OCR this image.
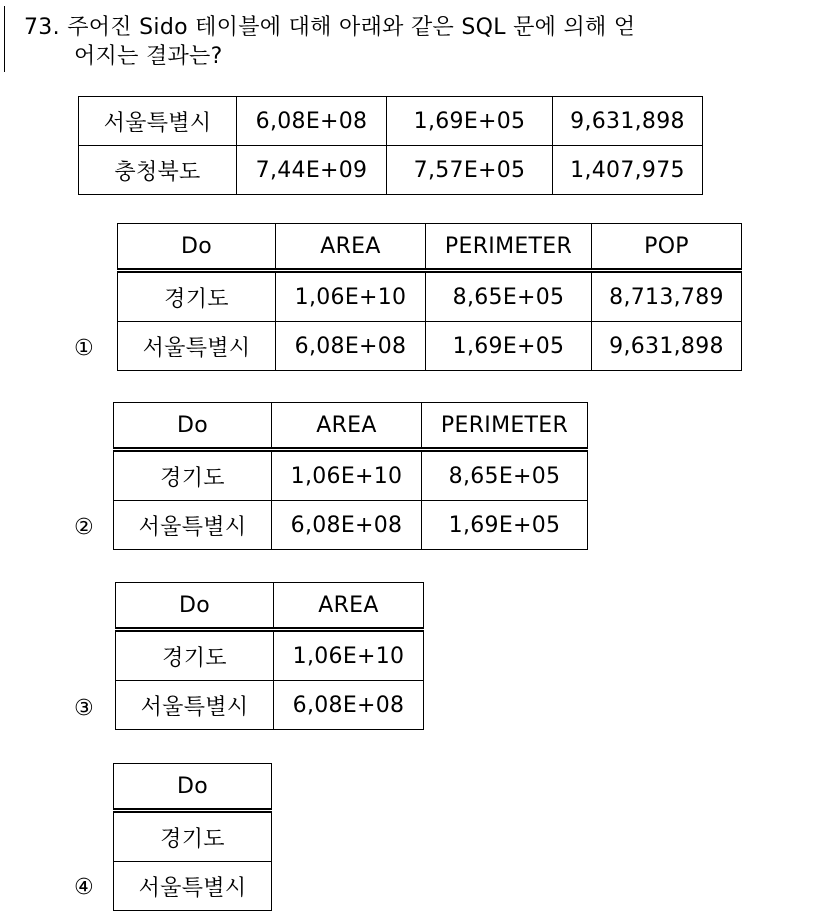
73. 주어진 Sido 테이블에 대해 아래와 같은 SQL 문에 의해 얻
어지는 결과는?
서울특별시	6,08E+08	1,69E+05	9,631,898
충청북도	7,44E+09	7,57E+05	1,407,975
①
Do	AREA	PERIMETER	POP
경기도	1,06E+10	8,65E+05	8,713,789
서울특별시	6,08E+08	1,69E+05	9,631,898
②
Do	AREA	PERIMETER
경기도	1,06E+10	8,65E+05
서울특별시	6,08E+08	1,69E+05
③
Do	AREA
경기도	1,06E+10
서울특별시	6,08E+08
④
Do
경기도
서울특별시
